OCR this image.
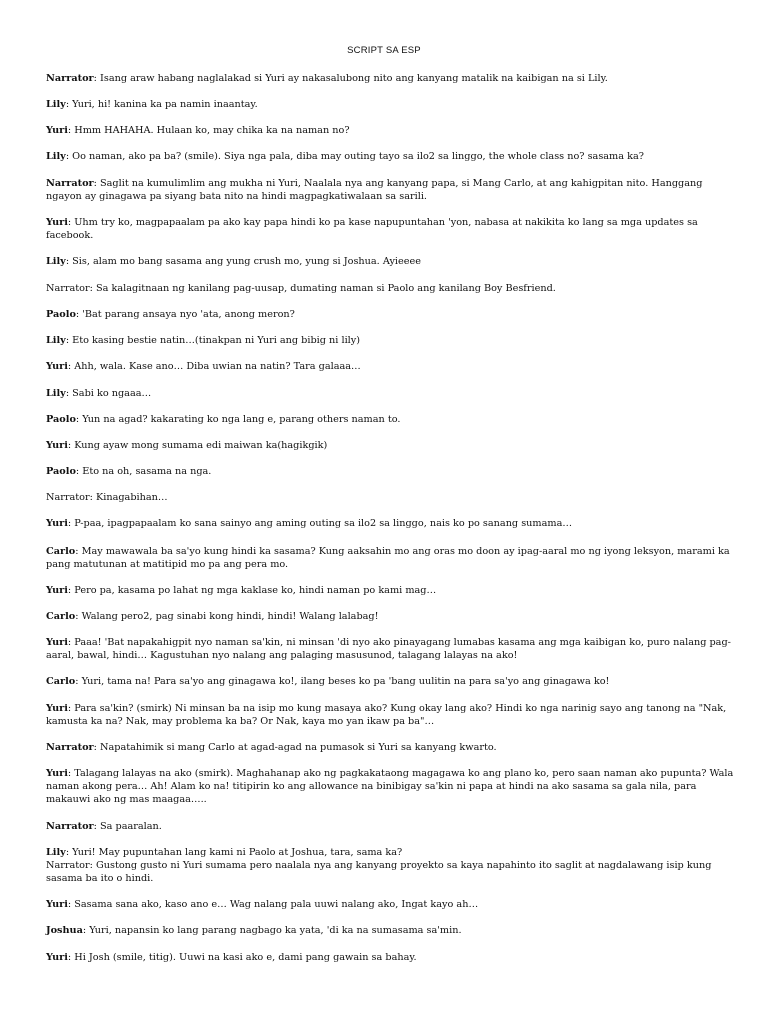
SCRIPT SA ESP
Narrator: Isang araw habang naglalakad si Yuri ay nakasalubong nito ang kanyang matalik na kaibigan na si Lily.
Lily: Yuri, hi! kanina ka pa namin inaantay.
Yuri: Hmm HAHAHA. Hulaan ko, may chika ka na naman no?
Lily: Oo naman, ako pa ba? (smile). Siya nga pala, diba may outing tayo sa ilo2 sa linggo, the whole class no? sasama ka?
Narrator: Saglit na kumulimlim ang mukha ni Yuri, Naalala nya ang kanyang papa, si Mang Carlo, at ang kahigpitan nito. Hanggang ngayon ay ginagawa pa siyang bata nito na hindi magpagkatiwalaan sa sarili.
Yuri: Uhm try ko, magpapaalam pa ako kay papa hindi ko pa kase napupuntahan 'yon, nabasa at nakikita ko lang sa mga updates sa facebook.
Lily: Sis, alam mo bang sasama ang yung crush mo, yung si Joshua. Ayieeee
Narrator: Sa kalagitnaan ng kanilang pag-uusap, dumating naman si Paolo ang kanilang Boy Besfriend.
Paolo: 'Bat parang ansaya nyo 'ata, anong meron?
Lily: Eto kasing bestie natin…(tinakpan ni Yuri ang bibig ni lily)
Yuri: Ahh, wala. Kase ano… Diba uwian na natin? Tara galaaa…
Lily: Sabi ko ngaaa…
Paolo: Yun na agad? kakarating ko nga lang e, parang others naman to.
Yuri: Kung ayaw mong sumama edi maiwan ka(hagikgik)
Paolo: Eto na oh, sasama na nga.
Narrator: Kinagabihan…
Yuri: P-paa, ipagpapaalam ko sana sainyo ang aming outing sa ilo2 sa linggo, nais ko po sanang sumama…
Carlo: May mawawala ba sa'yo kung hindi ka sasama? Kung aaksahin mo ang oras mo doon ay ipag-aaral mo ng iyong leksyon, marami ka pang matutunan at matitipid mo pa ang pera mo.
Yuri: Pero pa, kasama po lahat ng mga kaklase ko, hindi naman po kami mag…
Carlo: Walang pero2, pag sinabi kong hindi, hindi! Walang lalabag!
Yuri: Paaa! 'Bat napakahigpit nyo naman sa'kin, ni minsan 'di nyo ako pinayagang lumabas kasama ang mga kaibigan ko, puro nalang pag-aaral, bawal, hindi… Kagustuhan nyo nalang ang palaging masusunod, talagang lalayas na ako!
Carlo: Yuri, tama na! Para sa'yo ang ginagawa ko!, ilang beses ko pa 'bang uulitin na para sa'yo ang ginagawa ko!
Yuri: Para sa'kin? (smirk) Ni minsan ba na isip mo kung masaya ako? Kung okay lang ako? Hindi ko nga narinig sayo ang tanong na "Nak, kamusta ka na? Nak, may problema ka ba? Or Nak, kaya mo yan ikaw pa ba"…
Narrator: Napatahimik si mang Carlo at agad-agad na pumasok si Yuri sa kanyang kwarto.
Yuri: Talagang lalayas na ako (smirk). Maghahanap ako ng pagkakataong magagawa ko ang plano ko, pero saan naman ako pupunta? Wala naman akong pera… Ah! Alam ko na! titipirin ko ang allowance na binibigay sa'kin ni papa at hindi na ako sasama sa gala nila, para makauwi ako ng mas maagaa…..
Narrator: Sa paaralan.
Lily: Yuri! May pupuntahan lang kami ni Paolo at Joshua, tara, sama ka?
Narrator: Gustong gusto ni Yuri sumama pero naalala nya ang kanyang proyekto sa kaya napahinto ito saglit at nagdalawang isip kung sasama ba ito o hindi.
Yuri: Sasama sana ako, kaso ano e… Wag nalang pala uuwi nalang ako, Ingat kayo ah…
Joshua: Yuri, napansin ko lang parang nagbago ka yata, 'di ka na sumasama sa'min.
Yuri: Hi Josh (smile, titig). Uuwi na kasi ako e, dami pang gawain sa bahay.
